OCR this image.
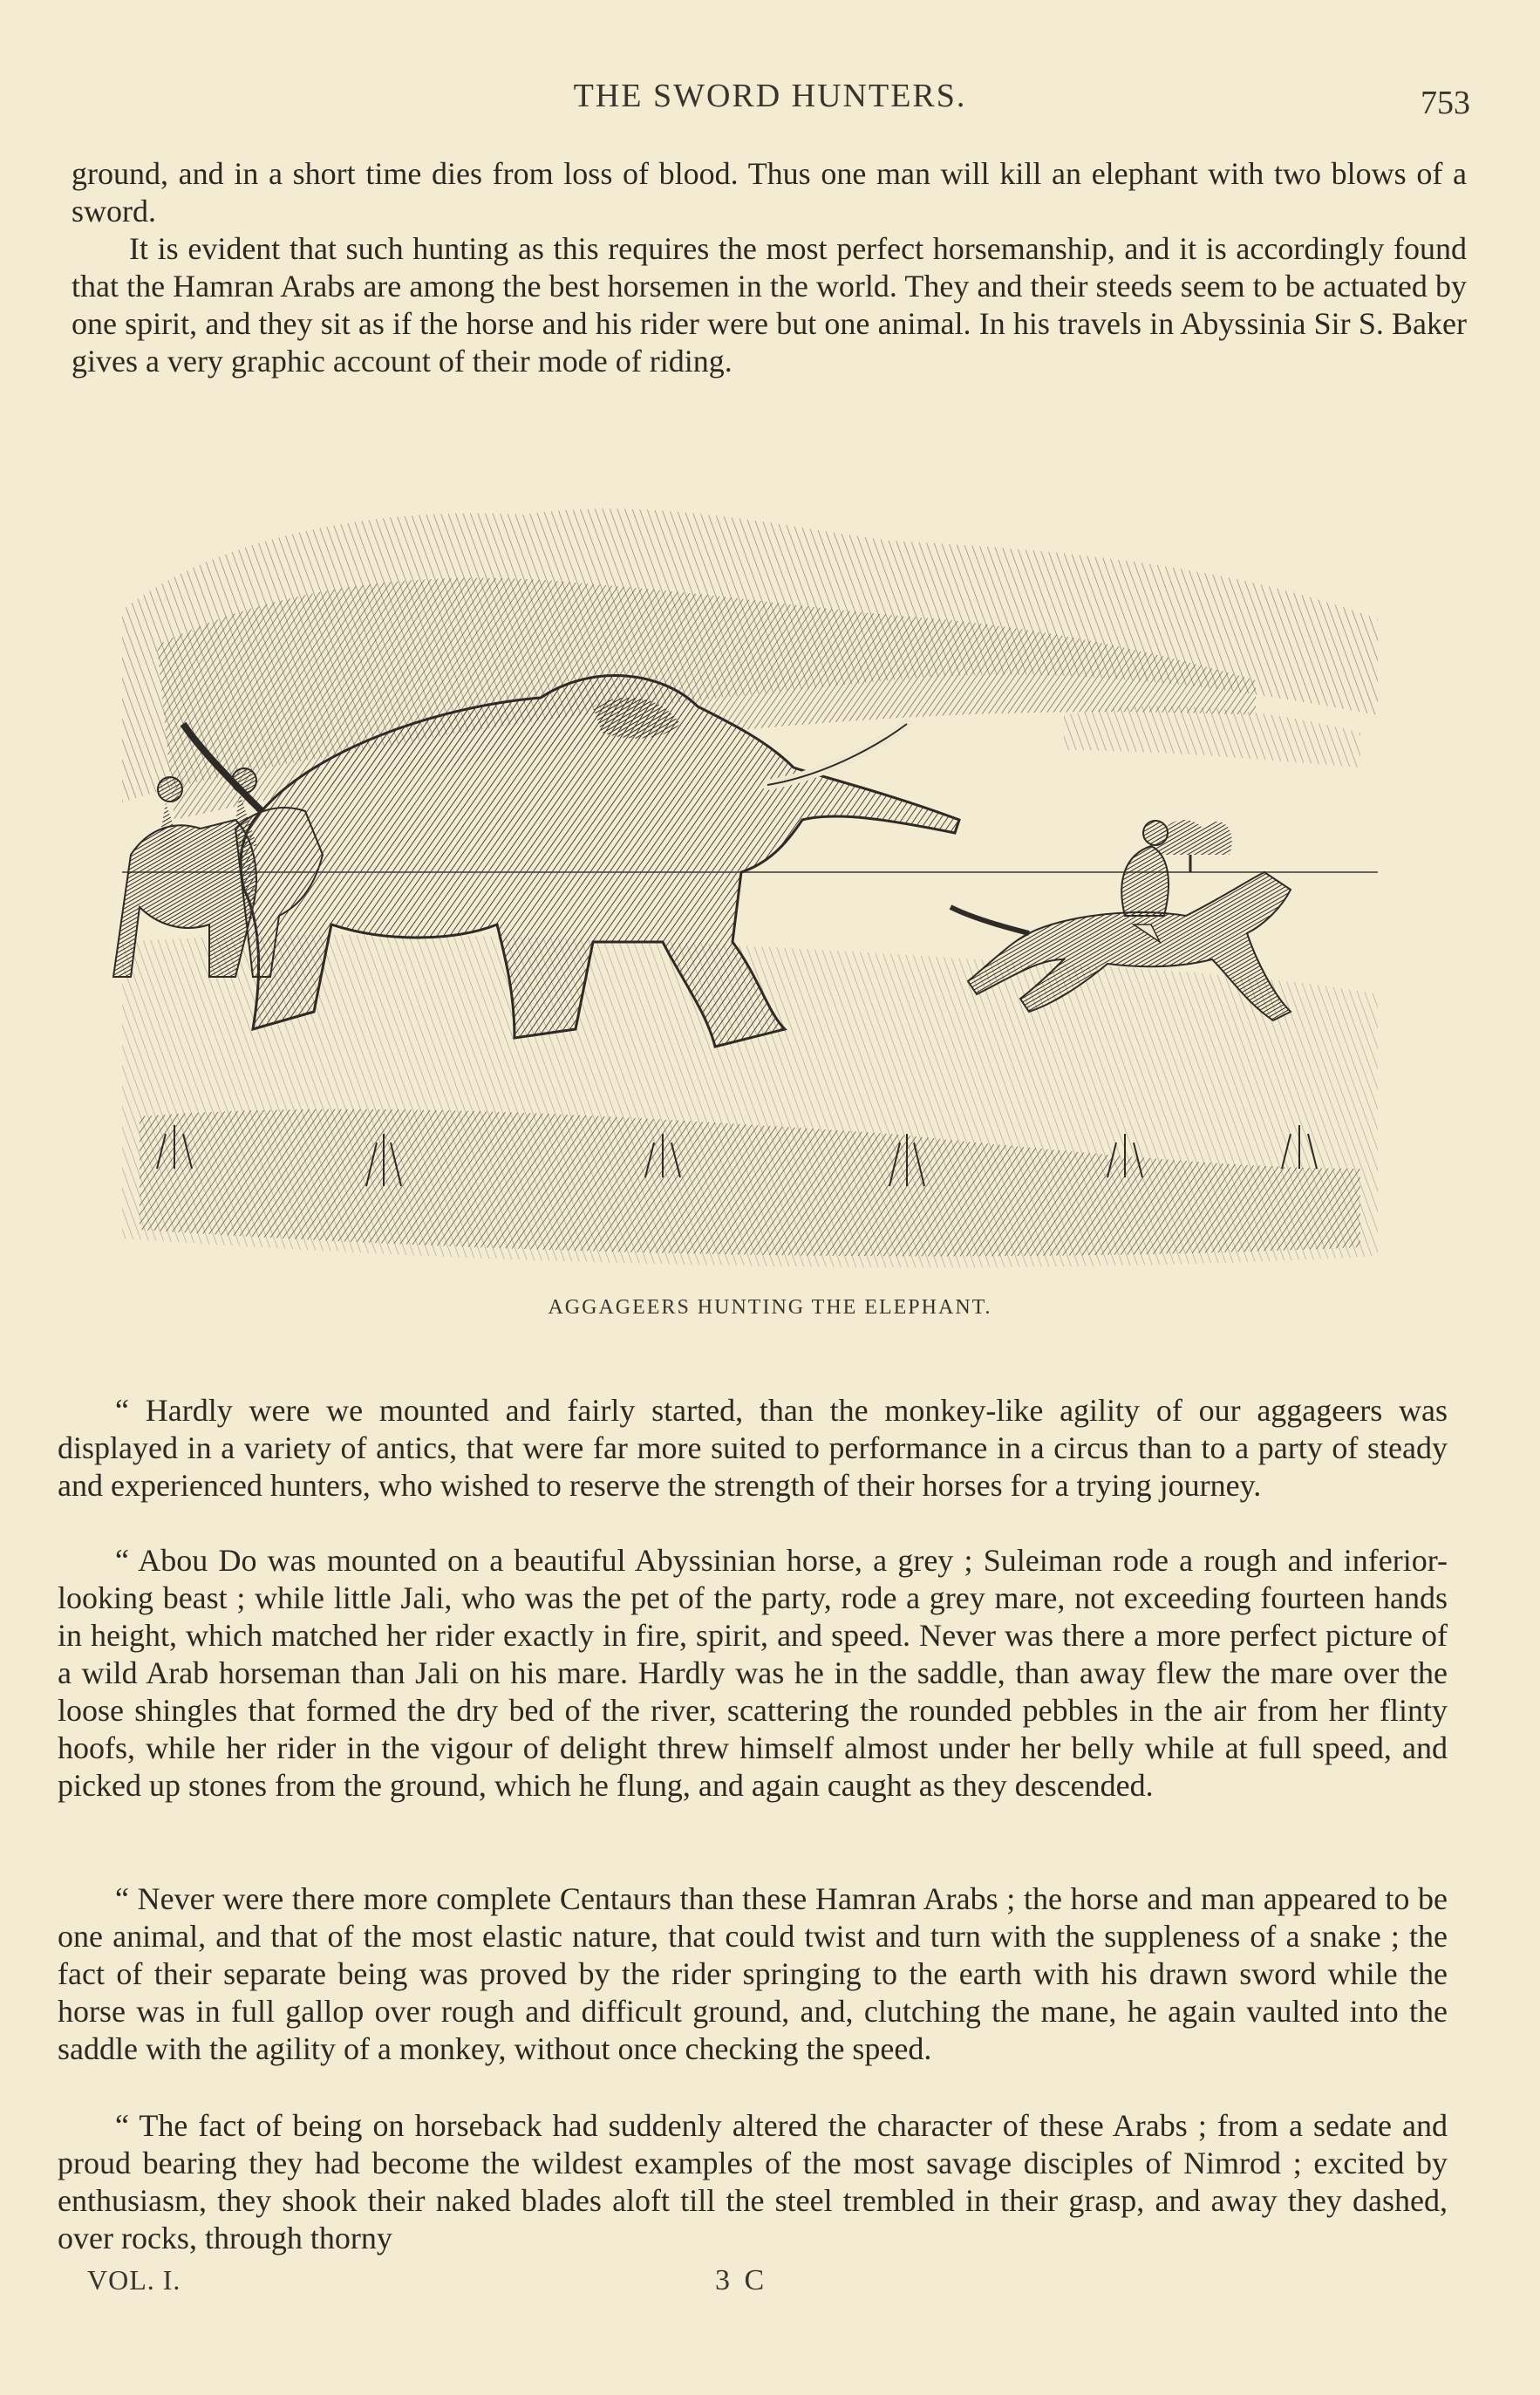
THE SWORD HUNTERS.	753

ground, and in a short time dies from loss of blood. Thus one man will kill an elephant with two blows of a sword.

It is evident that such hunting as this requires the most perfect horsemanship, and it is accordingly found that the Hamran Arabs are among the best horsemen in the world. They and their steeds seem to be actuated by one spirit, and they sit as if the horse and his rider were but one animal. In his travels in Abyssinia Sir S. Baker gives a very graphic account of their mode of riding.

AGGAGEERS HUNTING THE ELEPHANT.

“ Hardly were we mounted and fairly started, than the monkey-like agility of our aggageers was displayed in a variety of antics, that were far more suited to performance in a circus than to a party of steady and experienced hunters, who wished to reserve the strength of their horses for a trying journey.

“ Abou Do was mounted on a beautiful Abyssinian horse, a grey ; Suleiman rode a rough and inferior-looking beast ; while little Jali, who was the pet of the party, rode a grey mare, not exceeding fourteen hands in height, which matched her rider exactly in fire, spirit, and speed. Never was there a more perfect picture of a wild Arab horseman than Jali on his mare. Hardly was he in the saddle, than away flew the mare over the loose shingles that formed the dry bed of the river, scattering the rounded pebbles in the air from her flinty hoofs, while her rider in the vigour of delight threw himself almost under her belly while at full speed, and picked up stones from the ground, which he flung, and again caught as they descended.

“ Never were there more complete Centaurs than these Hamran Arabs ; the horse and man appeared to be one animal, and that of the most elastic nature, that could twist and turn with the suppleness of a snake ; the fact of their separate being was proved by the rider springing to the earth with his drawn sword while the horse was in full gallop over rough and difficult ground, and, clutching the mane, he again vaulted into the saddle with the agility of a monkey, without once checking the speed.

“ The fact of being on horseback had suddenly altered the character of these Arabs ; from a sedate and proud bearing they had become the wildest examples of the most savage disciples of Nimrod ; excited by enthusiasm, they shook their naked blades aloft till the steel trembled in their grasp, and away they dashed, over rocks, through thorny

VOL. I.	3 C
